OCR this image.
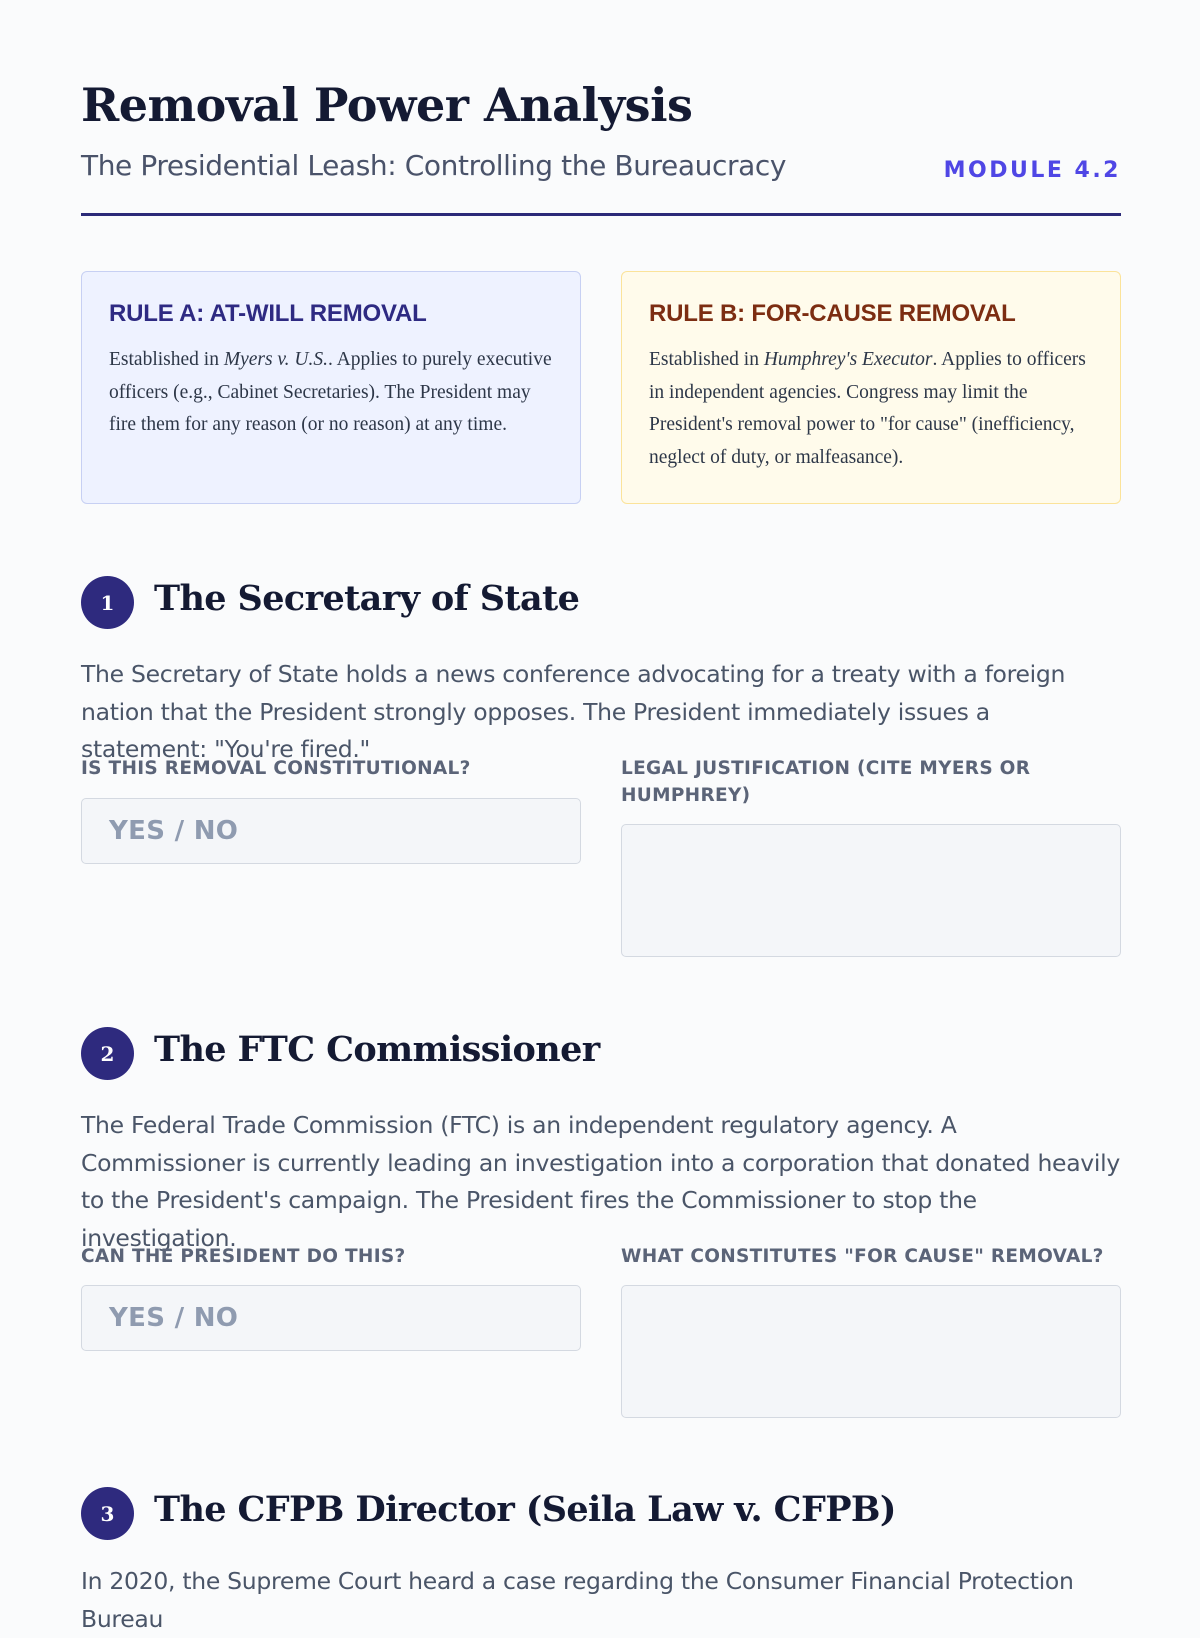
Removal Power Analysis
The Presidential Leash: Controlling the Bureaucracy	MODULE 4.2
RULE A: AT-WILL REMOVAL

Established in Myers v. U.S.. Applies to purely executive officers (e.g., Cabinet Secretaries). The President may fire them for any reason (or no reason) at any time.

RULE B: FOR-CAUSE REMOVAL

Established in Humphrey's Executor. Applies to officers in independent agencies. Congress may limit the President's removal power to "for cause" (inefficiency, neglect of duty, or malfeasance).

1	The Secretary of State

The Secretary of State holds a news conference advocating for a treaty with a foreign nation that the President strongly opposes. The President immediately issues a statement: "You're fired."

IS THIS REMOVAL CONSTITUTIONAL?
YES / NO
LEGAL JUSTIFICATION (CITE MYERS OR HUMPHREY)
2	The FTC Commissioner

The Federal Trade Commission (FTC) is an independent regulatory agency. A Commissioner is currently leading an investigation into a corporation that donated heavily to the President's campaign. The President fires the Commissioner to stop the investigation.

CAN THE PRESIDENT DO THIS?
YES / NO
WHAT CONSTITUTES "FOR CAUSE" REMOVAL?
3	The CFPB Director (Seila Law v. CFPB)

In 2020, the Supreme Court heard a case regarding the Consumer Financial Protection Bureau
